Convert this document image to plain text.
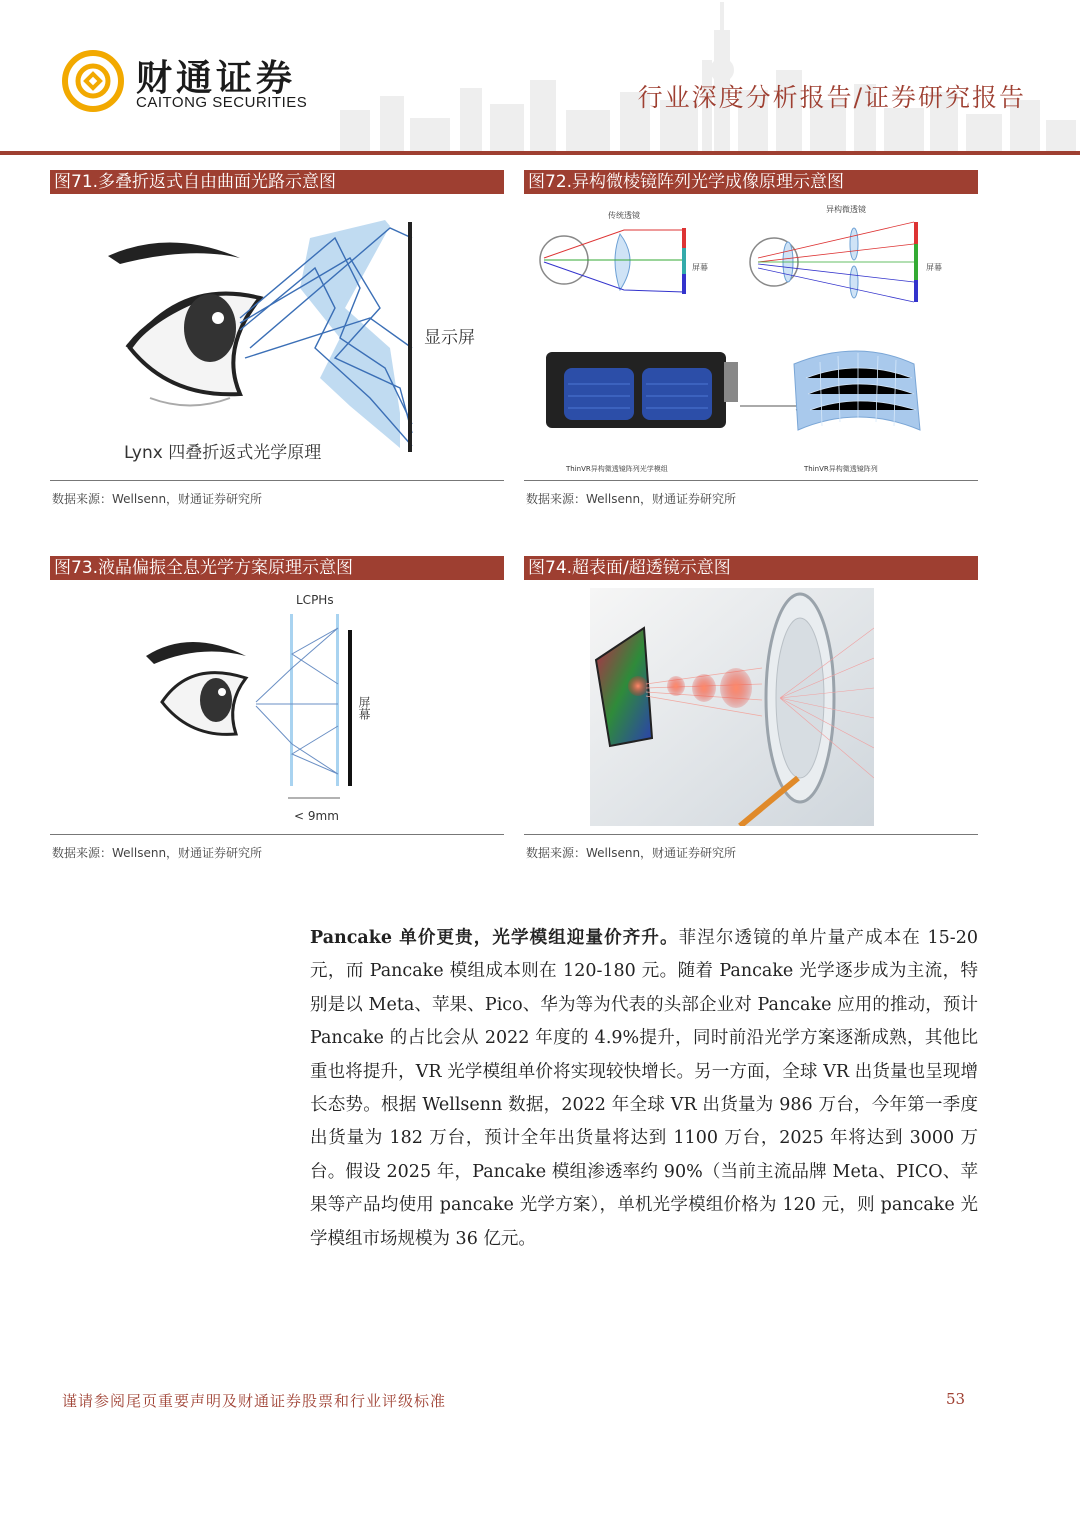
财通证券
CAITONG SECURITIES	行业深度分析报告/证券研究报告
图71.多叠折返式自由曲面光路示意图
显示屏
Lynx 四叠折返式光学原理
数据来源：Wellsenn，财通证券研究所
图72.异构微棱镜阵列光学成像原理示意图
传统透镜
屏幕
异构微透镜
屏幕
ThinVR异构微透镜阵列光学模组	ThinVR异构微透镜阵列
数据来源：Wellsenn，财通证券研究所
图73.液晶偏振全息光学方案原理示意图
LCPHs
屏幕
< 9mm
数据来源：Wellsenn，财通证券研究所
图74.超表面/超透镜示意图
数据来源：Wellsenn，财通证券研究所
Pancake 单价更贵，光学模组迎量价齐升。菲涅尔透镜的单片量产成本在 15-20 元，而 Pancake 模组成本则在 120-180 元。随着 Pancake 光学逐步成为主流，特别是以 Meta、苹果、Pico、华为等为代表的头部企业对 Pancake 应用的推动，预计 Pancake 的占比会从 2022 年度的 4.9%提升，同时前沿光学方案逐渐成熟，其他比重也将提升，VR 光学模组单价将实现较快增长。另一方面，全球 VR 出货量也呈现增长态势。根据 Wellsenn 数据，2022 年全球 VR 出货量为 986 万台，今年第一季度出货量为 182 万台，预计全年出货量将达到 1100 万台，2025 年将达到 3000 万台。假设 2025 年，Pancake 模组渗透率约 90%（当前主流品牌 Meta、PICO、苹果等产品均使用 pancake 光学方案），单机光学模组价格为 120 元，则 pancake 光学模组市场规模为 36 亿元。
谨请参阅尾页重要声明及财通证券股票和行业评级标准	53
